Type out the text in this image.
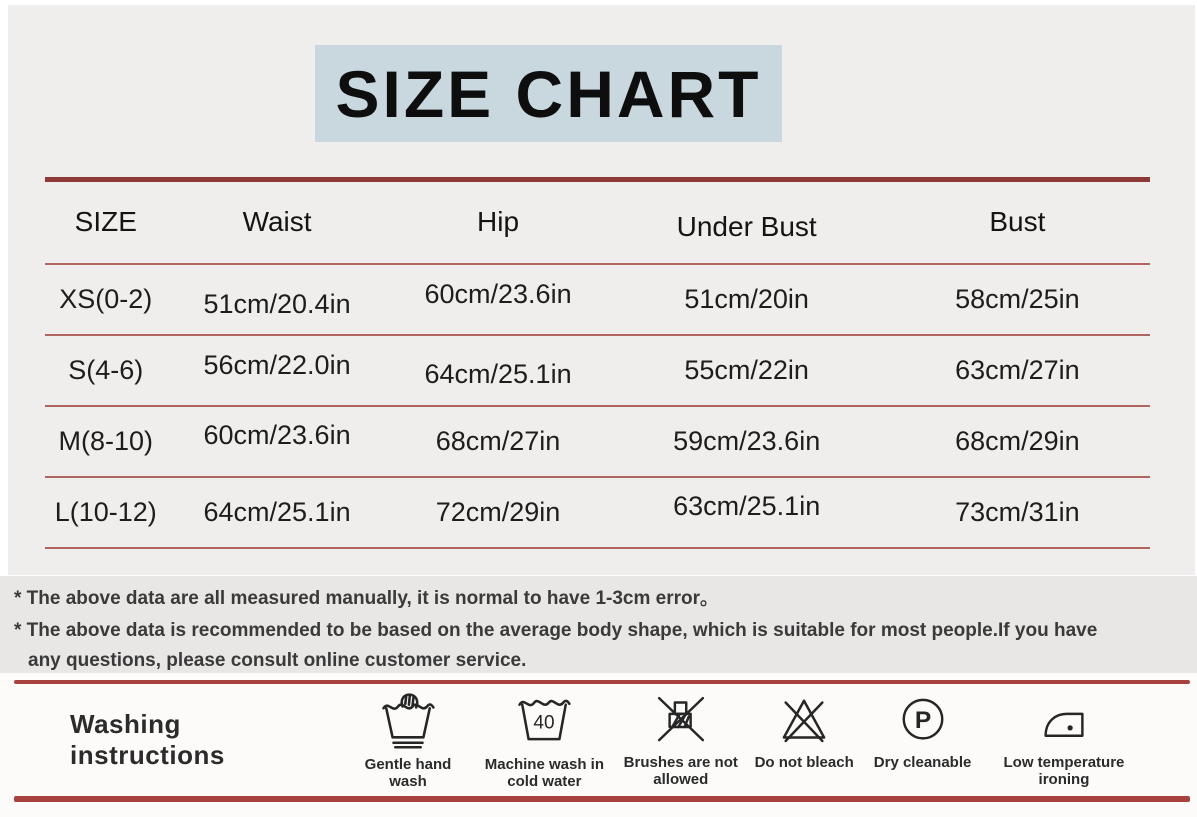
SIZE CHART
SIZE	Waist	Hip	Under Bust	Bust
XS(0-2)	51cm/20.4in	60cm/23.6in	51cm/20in	58cm/25in
S(4-6)	56cm/22.0in	64cm/25.1in	55cm/22in	63cm/27in
M(8-10)	60cm/23.6in	68cm/27in	59cm/23.6in	68cm/29in
L(10-12)	64cm/25.1in	72cm/29in	63cm/25.1in	73cm/31in

* The above data are all measured manually, it is normal to have 1-3cm error。

* The above data is recommended to be based on the average body shape, which is suitable for most people.If you have any questions, please consult online customer service.

Washing instructions	Gentle hand wash
40
Machine wash in cold water
Brushes are not allowed
Do not bleach
P
Dry cleanable	Low temperature ironing
